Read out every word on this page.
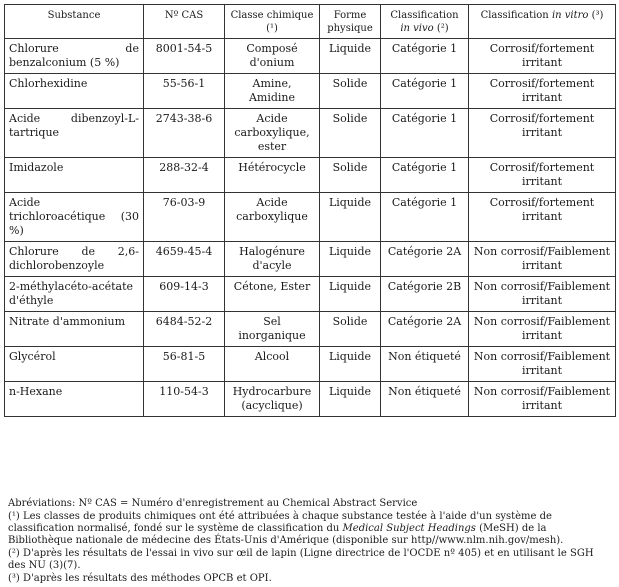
Substance	Nº CAS	Classe chimique (¹)	Forme physique	Classification in vivo (²)	Classification in vitro (³)
Chlorure de benzalconium (5 %)	8001-54-5	Composé d'onium	Liquide	Catégorie 1	Corrosif/fortement irritant
Chlorhexidine	55-56-1	Amine, Amidine	Solide	Catégorie 1	Corrosif/fortement irritant
Acide dibenzoyl-L-tartrique	2743-38-6	Acide carboxylique, ester	Solide	Catégorie 1	Corrosif/fortement irritant
Imidazole	288-32-4	Hétérocycle	Solide	Catégorie 1	Corrosif/fortement irritant
Acide trichloroacétique (30 %)	76-03-9	Acide carboxylique	Liquide	Catégorie 1	Corrosif/fortement irritant
Chlorure de 2,6-dichlorobenzoyle	4659-45-4	Halogénure d'acyle	Liquide	Catégorie 2A	Non corrosif/Faiblement irritant
2-méthylacéto-acétate d'éthyle	609-14-3	Cétone, Ester	Liquide	Catégorie 2B	Non corrosif/Faiblement irritant
Nitrate d'ammonium	6484-52-2	Sel inorganique	Solide	Catégorie 2A	Non corrosif/Faiblement irritant
Glycérol	56-81-5	Alcool	Liquide	Non étiqueté	Non corrosif/Faiblement irritant
n-Hexane	110-54-3	Hydrocarbure (acyclique)	Liquide	Non étiqueté	Non corrosif/Faiblement irritant

Abréviations: Nº CAS = Numéro d'enregistrement au Chemical Abstract Service

(¹) Les classes de produits chimiques ont été attribuées à chaque substance testée à l'aide d'un système de classification normalisé, fondé sur le système de classification du Medical Subject Headings (MeSH) de la Bibliothèque nationale de médecine des États-Unis d'Amérique (disponible sur http//www.nlm.nih.gov/mesh).

(²) D'après les résultats de l'essai in vivo sur œil de lapin (Ligne directrice de l'OCDE nº 405) et en utilisant le SGH des NU (3)(7).

(³) D'après les résultats des méthodes OPCB et OPI.
